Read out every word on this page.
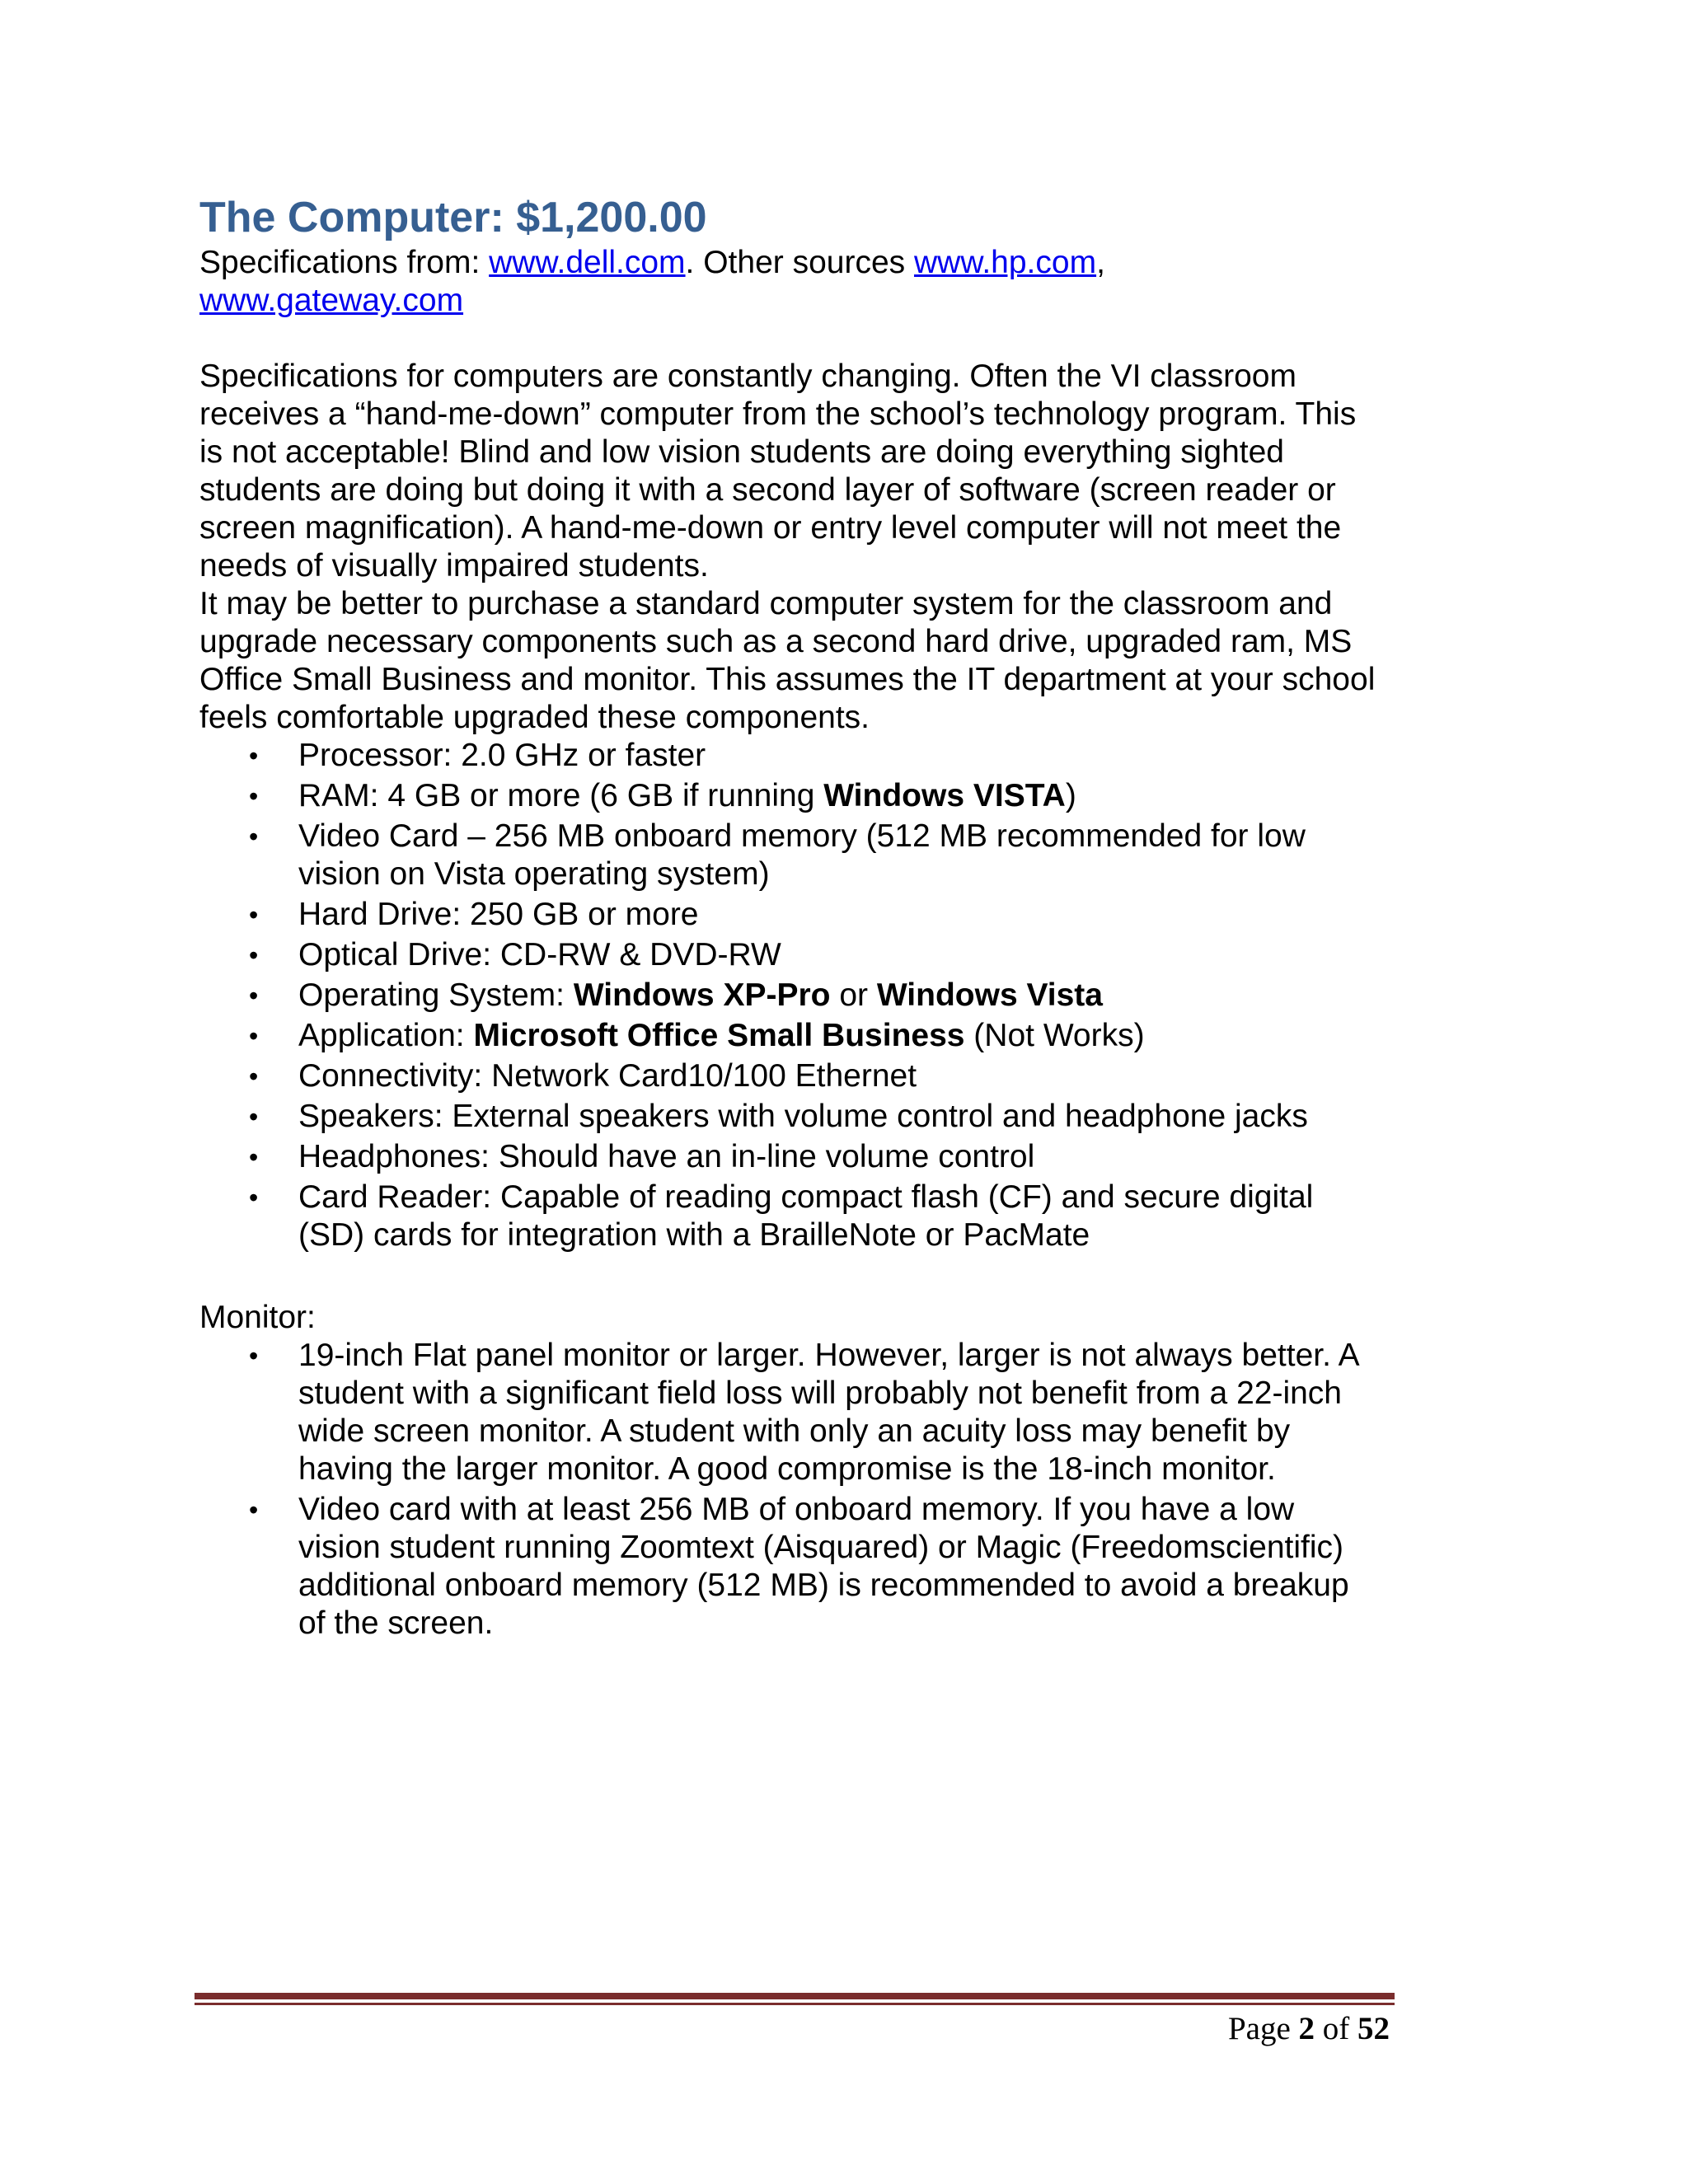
The Computer: $1,200.00

Specifications from: www.dell.com. Other sources www.hp.com,
www.gateway.com

Specifications for computers are constantly changing. Often the VI classroom receives a “hand-me-down” computer from the school’s technology program. This is not acceptable! Blind and low vision students are doing everything sighted students are doing but doing it with a second layer of software (screen reader or screen magnification). A hand-me-down or entry level computer will not meet the needs of visually impaired students.

It may be better to purchase a standard computer system for the classroom and upgrade necessary components such as a second hard drive, upgraded ram, MS Office Small Business and monitor. This assumes the IT department at your school feels comfortable upgraded these components.

• Processor: 2.0 GHz or faster
• RAM: 4 GB or more (6 GB if running Windows VISTA)
• Video Card – 256 MB onboard memory (512 MB recommended for low vision on Vista operating system)
• Hard Drive: 250 GB or more
• Optical Drive: CD-RW & DVD-RW
• Operating System: Windows XP-Pro or Windows Vista
• Application: Microsoft Office Small Business (Not Works)
• Connectivity: Network Card10/100 Ethernet
• Speakers: External speakers with volume control and headphone jacks
• Headphones: Should have an in-line volume control
• Card Reader: Capable of reading compact flash (CF) and secure digital (SD) cards for integration with a BrailleNote or PacMate

Monitor:

• 19-inch Flat panel monitor or larger. However, larger is not always better. A student with a significant field loss will probably not benefit from a 22-inch wide screen monitor. A student with only an acuity loss may benefit by having the larger monitor. A good compromise is the 18-inch monitor.
• Video card with at least 256 MB of onboard memory. If you have a low vision student running Zoomtext (Aisquared) or Magic (Freedomscientific) additional onboard memory (512 MB) is recommended to avoid a breakup of the screen.
Page 2 of 52
